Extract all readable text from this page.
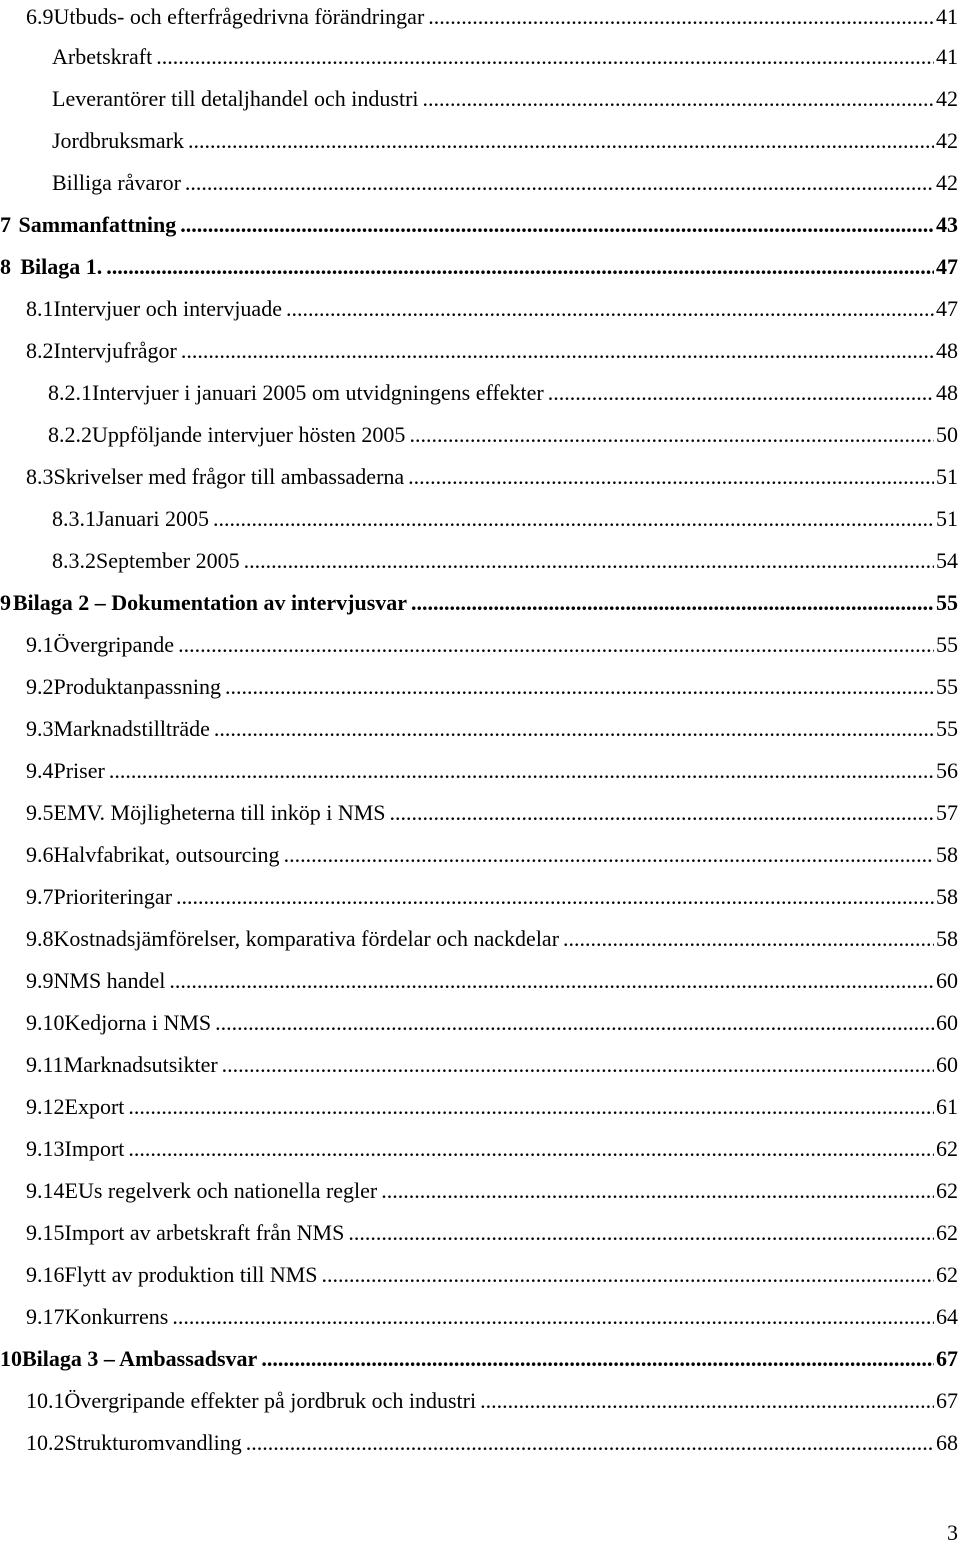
6.9 Utbuds- och efterfrågedrivna förändringar .....	41
Arbetskraft .....	41
Leverantörer till detaljhandel och industri .....	42
Jordbruksmark .....	42
Billiga råvaror .....	42
7 Sammanfattning .....	43
8 Bilaga 1. .....	47
8.1 Intervjuer och intervjuade .....	47
8.2 Intervjufrågor .....	48
8.2.1 Intervjuer i januari 2005 om utvidgningens effekter .....	48
8.2.2 Uppföljande intervjuer hösten 2005 .....	50
8.3 Skrivelser med frågor till ambassaderna .....	51
8.3.1 Januari 2005 .....	51
8.3.2 September 2005 .....	54
9 Bilaga 2 – Dokumentation av intervjusvar .....	55
9.1 Övergripande .....	55
9.2 Produktanpassning .....	55
9.3 Marknadstillträde .....	55
9.4 Priser .....	56
9.5 EMV. Möjligheterna till inköp i NMS .....	57
9.6 Halvfabrikat, outsourcing .....	58
9.7 Prioriteringar .....	58
9.8 Kostnadsjämförelser, komparativa fördelar och nackdelar .....	58
9.9 NMS handel .....	60
9.10 Kedjorna i NMS .....	60
9.11 Marknadsutsikter .....	60
9.12 Export .....	61
9.13 Import .....	62
9.14 EUs regelverk och nationella regler .....	62
9.15 Import av arbetskraft från NMS .....	62
9.16 Flytt av produktion till NMS .....	62
9.17 Konkurrens .....	64
10 Bilaga 3 – Ambassadsvar .....	67
10.1 Övergripande effekter på jordbruk och industri .....	67
10.2 Strukturomvandling .....	68
3
